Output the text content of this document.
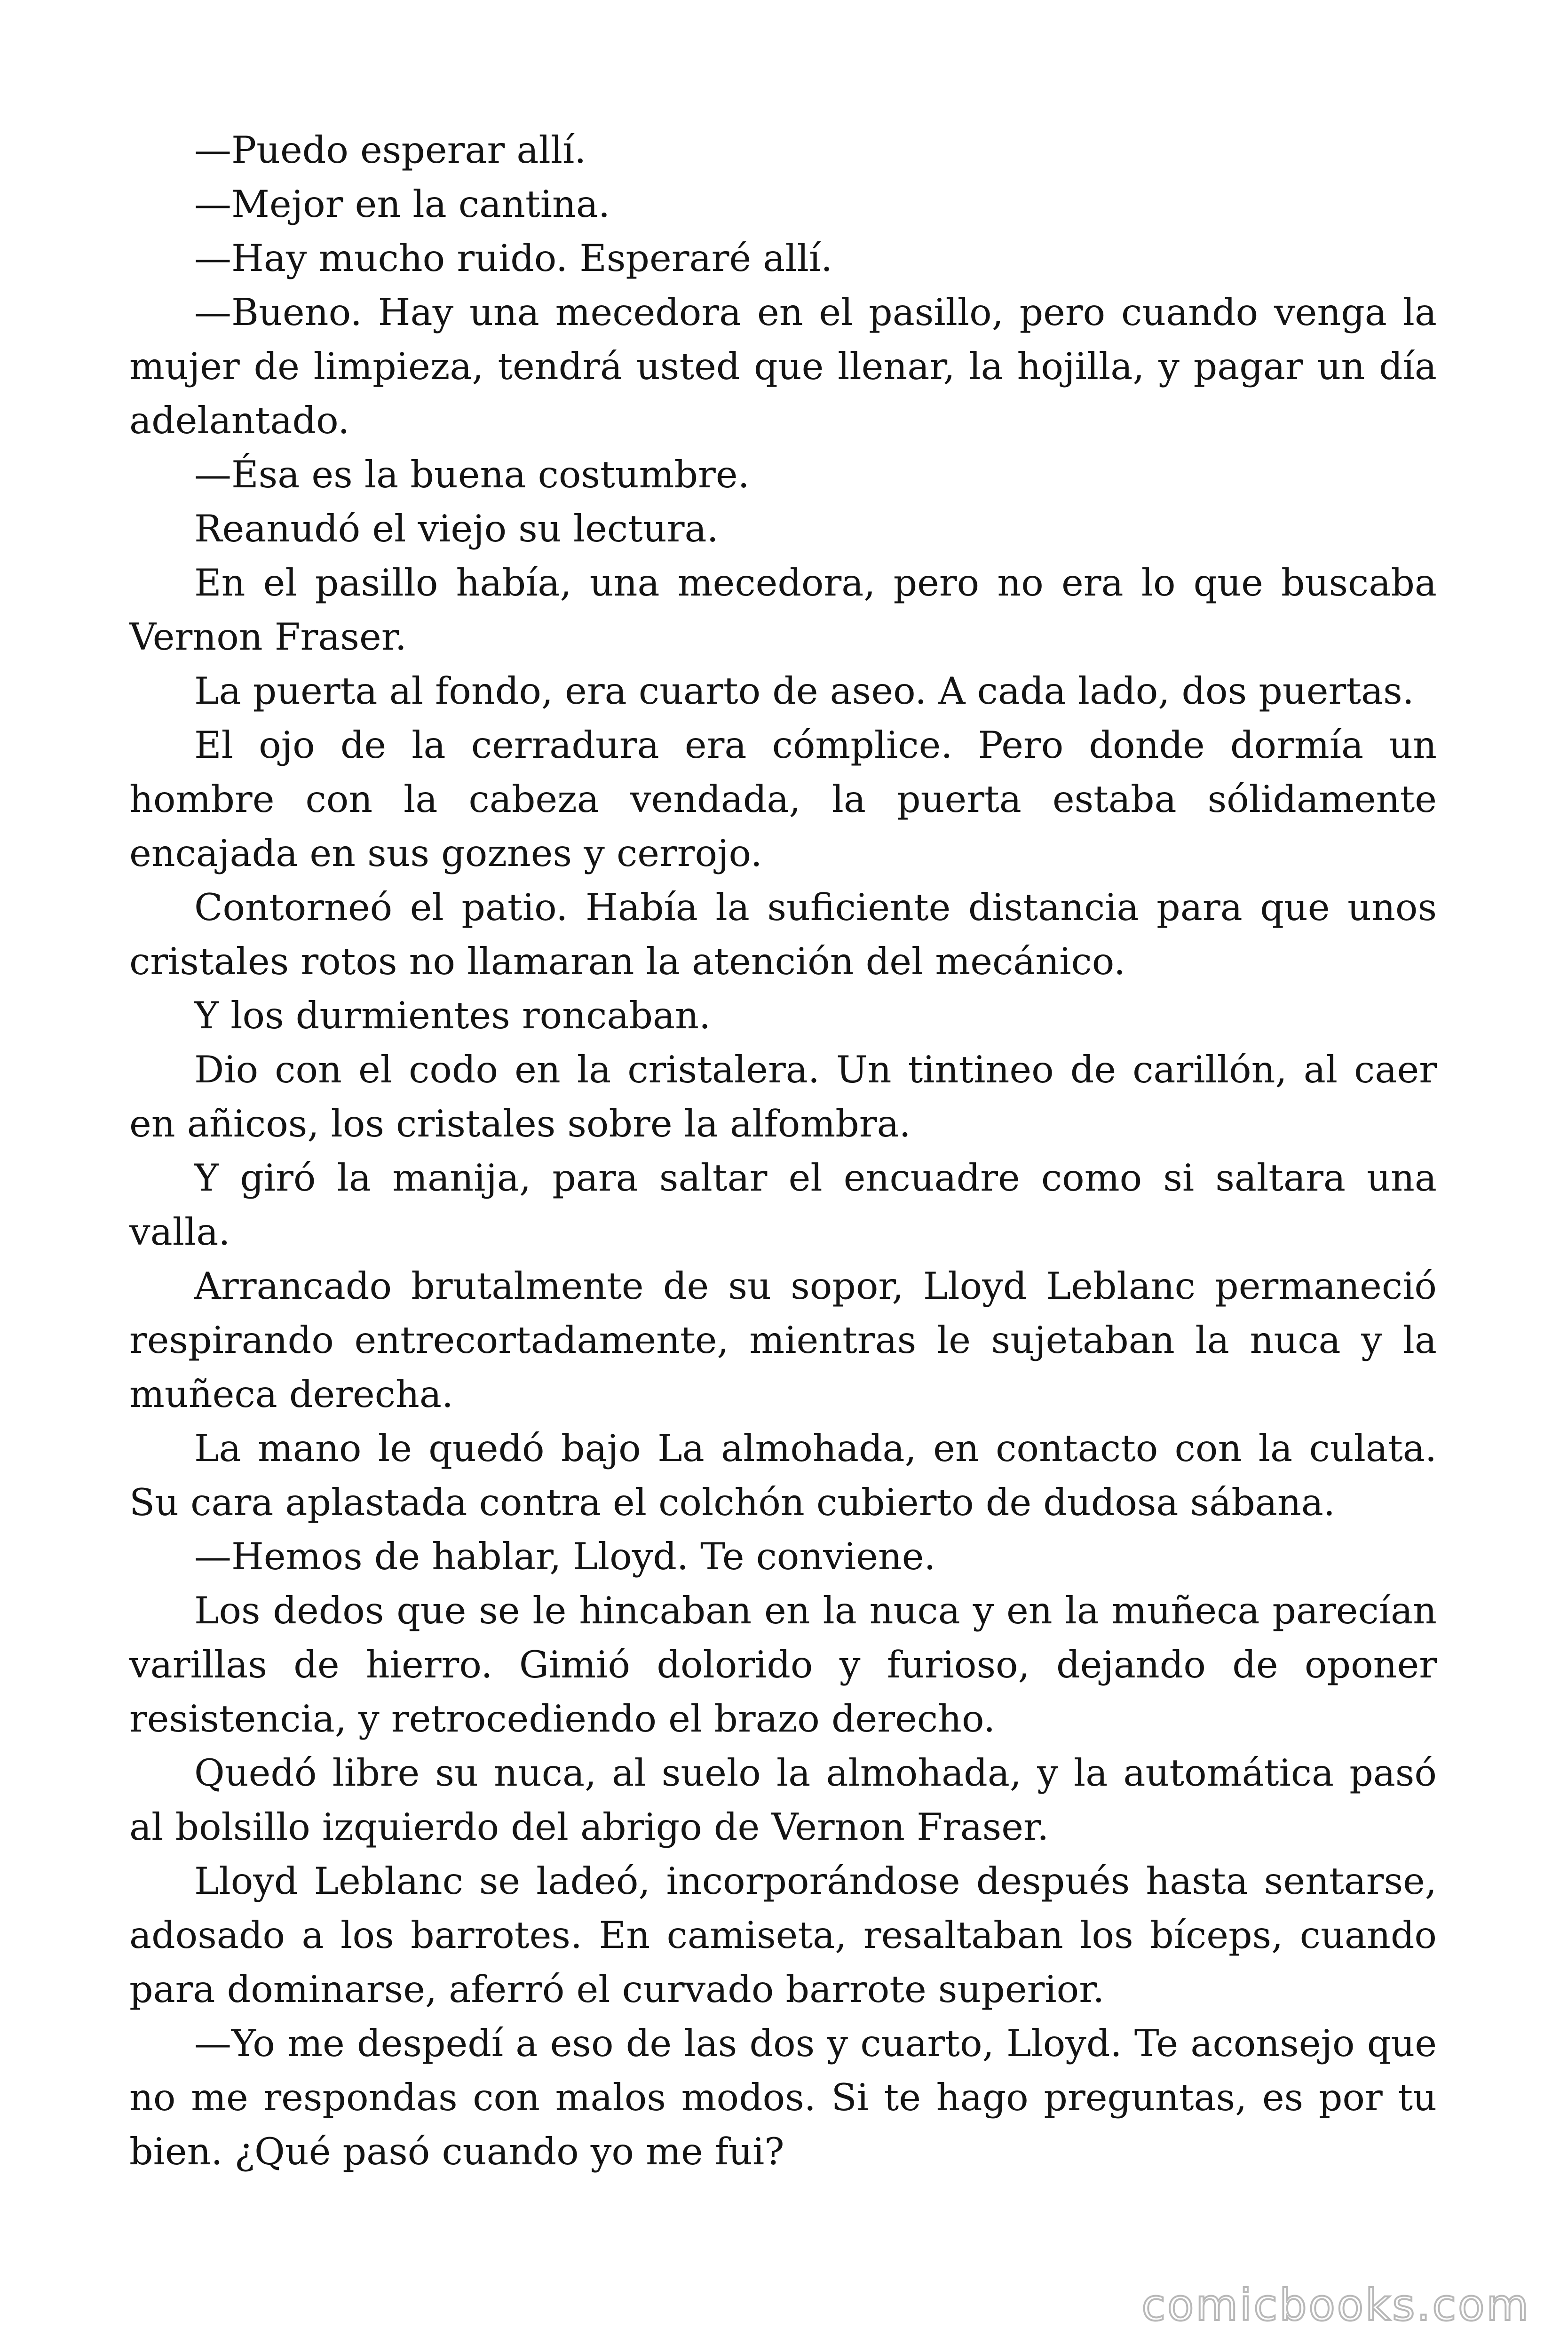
—Puedo esperar allí.

—Mejor en la cantina.

—Hay mucho ruido. Esperaré allí.

—Bueno. Hay una mecedora en el pasillo, pero cuando venga la mujer de limpieza, tendrá usted que llenar, la hojilla, y pagar un día adelantado.

—Ésa es la buena costumbre.

Reanudó el viejo su lectura.

En el pasillo había, una mecedora, pero no era lo que buscaba Vernon Fraser.

La puerta al fondo, era cuarto de aseo. A cada lado, dos puertas.

El ojo de la cerradura era cómplice. Pero donde dormía un hombre con la cabeza vendada, la puerta estaba sólidamente encajada en sus goznes y cerrojo.

Contorneó el patio. Había la suficiente distancia para que unos cristales rotos no llamaran la atención del mecánico.

Y los durmientes roncaban.

Dio con el codo en la cristalera. Un tintineo de carillón, al caer en añicos, los cristales sobre la alfombra.

Y giró la manija, para saltar el encuadre como si saltara una valla.

Arrancado brutalmente de su sopor, Lloyd Leblanc permaneció respirando entrecortadamente, mientras le sujetaban la nuca y la muñeca derecha.

La mano le quedó bajo La almohada, en contacto con la culata. Su cara aplastada contra el colchón cubierto de dudosa sábana.

—Hemos de hablar, Lloyd. Te conviene.

Los dedos que se le hincaban en la nuca y en la muñeca parecían varillas de hierro. Gimió dolorido y furioso, dejando de oponer resistencia, y retrocediendo el brazo derecho.

Quedó libre su nuca, al suelo la almohada, y la automática pasó al bolsillo izquierdo del abrigo de Vernon Fraser.

Lloyd Leblanc se ladeó, incorporándose después hasta sentarse, adosado a los barrotes. En camiseta, resaltaban los bíceps, cuando para dominarse, aferró el curvado barrote superior.

—Yo me despedí a eso de las dos y cuarto, Lloyd. Te aconsejo que no me respondas con malos modos. Si te hago preguntas, es por tu bien. ¿Qué pasó cuando yo me fui?

comicbooks.com
